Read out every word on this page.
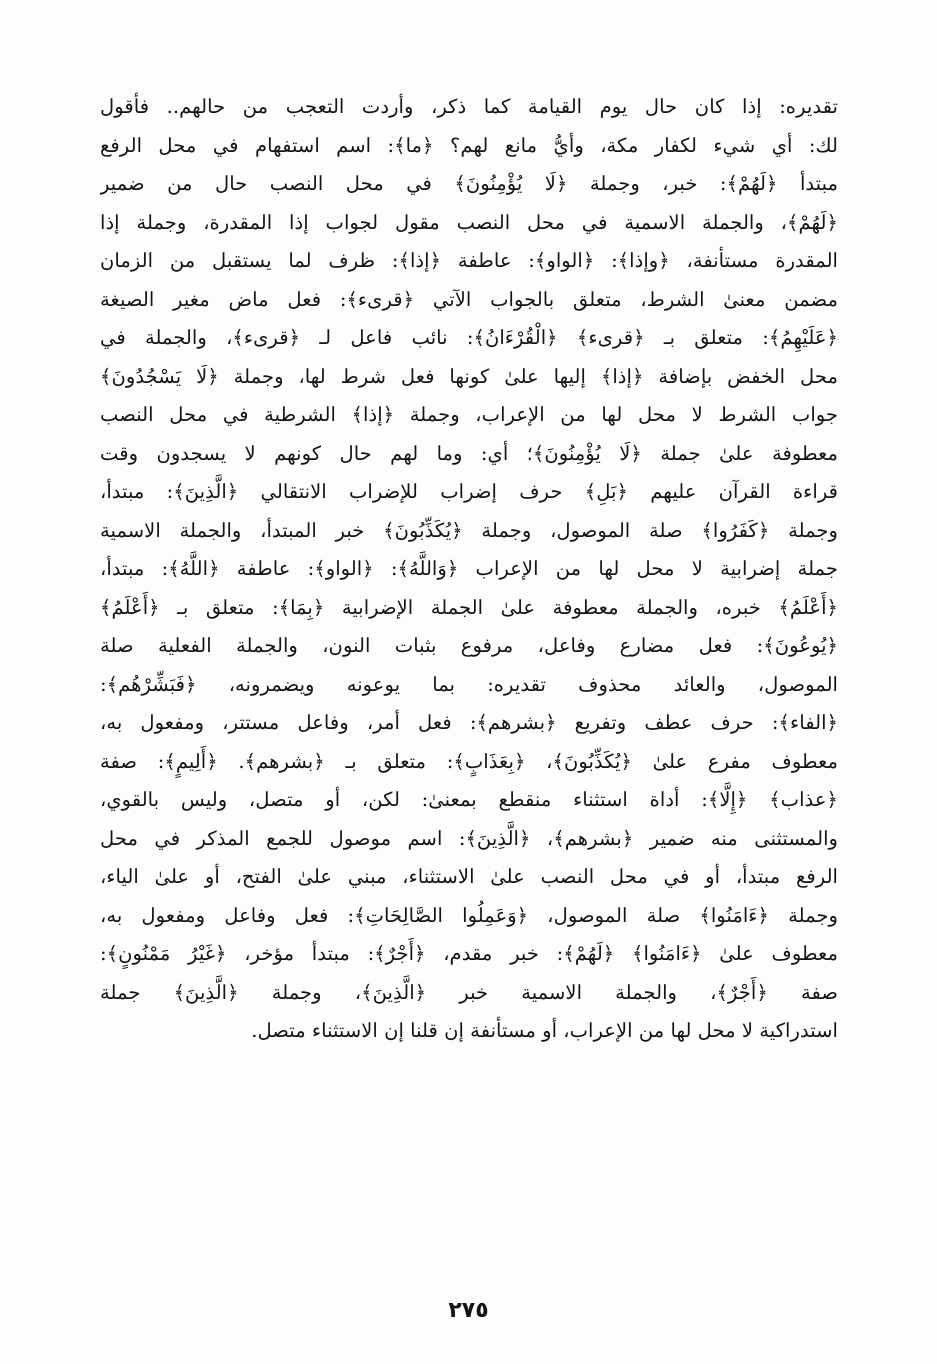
تقديره: إذا كان حال يوم القيامة كما ذكر، وأردت التعجب من حالهم.. فأقول
لك: أي شيء لكفار مكة، وأيُّ مانع لهم؟ ﴿ما﴾: اسم استفهام في محل الرفع
مبتدأ ﴿لَهُمْ﴾: خبر، وجملة ﴿لَا يُؤْمِنُونَ﴾ في محل النصب حال من ضمير
﴿لَهُمْ﴾، والجملة الاسمية في محل النصب مقول لجواب إذا المقدرة، وجملة إذا
المقدرة مستأنفة، ﴿وإذا﴾: ﴿الواو﴾: عاطفة ﴿إذا﴾: ظرف لما يستقبل من الزمان
مضمن معنىٰ الشرط، متعلق بالجواب الآتي ﴿قرىء﴾: فعل ماض مغير الصيغة
﴿عَلَيْهِمُ﴾: متعلق بـ ﴿قرىء﴾ ﴿الْقُرْءَانُ﴾: نائب فاعل لـ ﴿قرىء﴾، والجملة في
محل الخفض بإضافة ﴿إذا﴾ إليها علىٰ كونها فعل شرط لها، وجملة ﴿لَا يَسْجُدُونَ﴾
جواب الشرط لا محل لها من الإعراب، وجملة ﴿إذا﴾ الشرطية في محل النصب
معطوفة علىٰ جملة ﴿لَا يُؤْمِنُونَ﴾؛ أي: وما لهم حال كونهم لا يسجدون وقت
قراءة القرآن عليهم ﴿بَلِ﴾ حرف إضراب للإضراب الانتقالي ﴿الَّذِينَ﴾: مبتدأ،
وجملة ﴿كَفَرُوا﴾ صلة الموصول، وجملة ﴿يُكَذِّبُونَ﴾ خبر المبتدأ، والجملة الاسمية
جملة إضرابية لا محل لها من الإعراب ﴿وَاللَّهُ﴾: ﴿الواو﴾: عاطفة ﴿اللَّهُ﴾: مبتدأ،
﴿أَعْلَمُ﴾ خبره، والجملة معطوفة علىٰ الجملة الإضرابية ﴿بِمَا﴾: متعلق بـ ﴿أَعْلَمُ﴾
﴿يُوعُونَ﴾: فعل مضارع وفاعل، مرفوع بثبات النون، والجملة الفعلية صلة
الموصول، والعائد محذوف تقديره: بما يوعونه ويضمرونه، ﴿فَبَشِّرْهُم﴾:
﴿الفاء﴾: حرف عطف وتفريع ﴿بشرهم﴾: فعل أمر، وفاعل مستتر، ومفعول به،
معطوف مفرع علىٰ ﴿يُكَذِّبُونَ﴾، ﴿بِعَذَابٍ﴾: متعلق بـ ﴿بشرهم﴾. ﴿أَلِيمٍ﴾: صفة
﴿عذاب﴾ ﴿إِلَّا﴾: أداة استثناء منقطع بمعنىٰ: لكن، أو متصل، وليس بالقوي،
والمستثنى منه ضمير ﴿بشرهم﴾، ﴿الَّذِينَ﴾: اسم موصول للجمع المذكر في محل
الرفع مبتدأ، أو في محل النصب علىٰ الاستثناء، مبني علىٰ الفتح، أو علىٰ الياء،
وجملة ﴿ءَامَنُوا﴾ صلة الموصول، ﴿وَعَمِلُوا الصَّالِحَاتِ﴾: فعل وفاعل ومفعول به،
معطوف علىٰ ﴿ءَامَنُوا﴾ ﴿لَهُمْ﴾: خبر مقدم، ﴿أَجْرٌ﴾: مبتدأ مؤخر، ﴿غَيْرُ مَمْنُونٍ﴾:
صفة ﴿أَجْرٌ﴾، والجملة الاسمية خبر ﴿الَّذِينَ﴾، وجملة ﴿الَّذِينَ﴾ جملة
استدراكية لا محل لها من الإعراب، أو مستأنفة إن قلنا إن الاستثناء متصل.
٢٧٥
